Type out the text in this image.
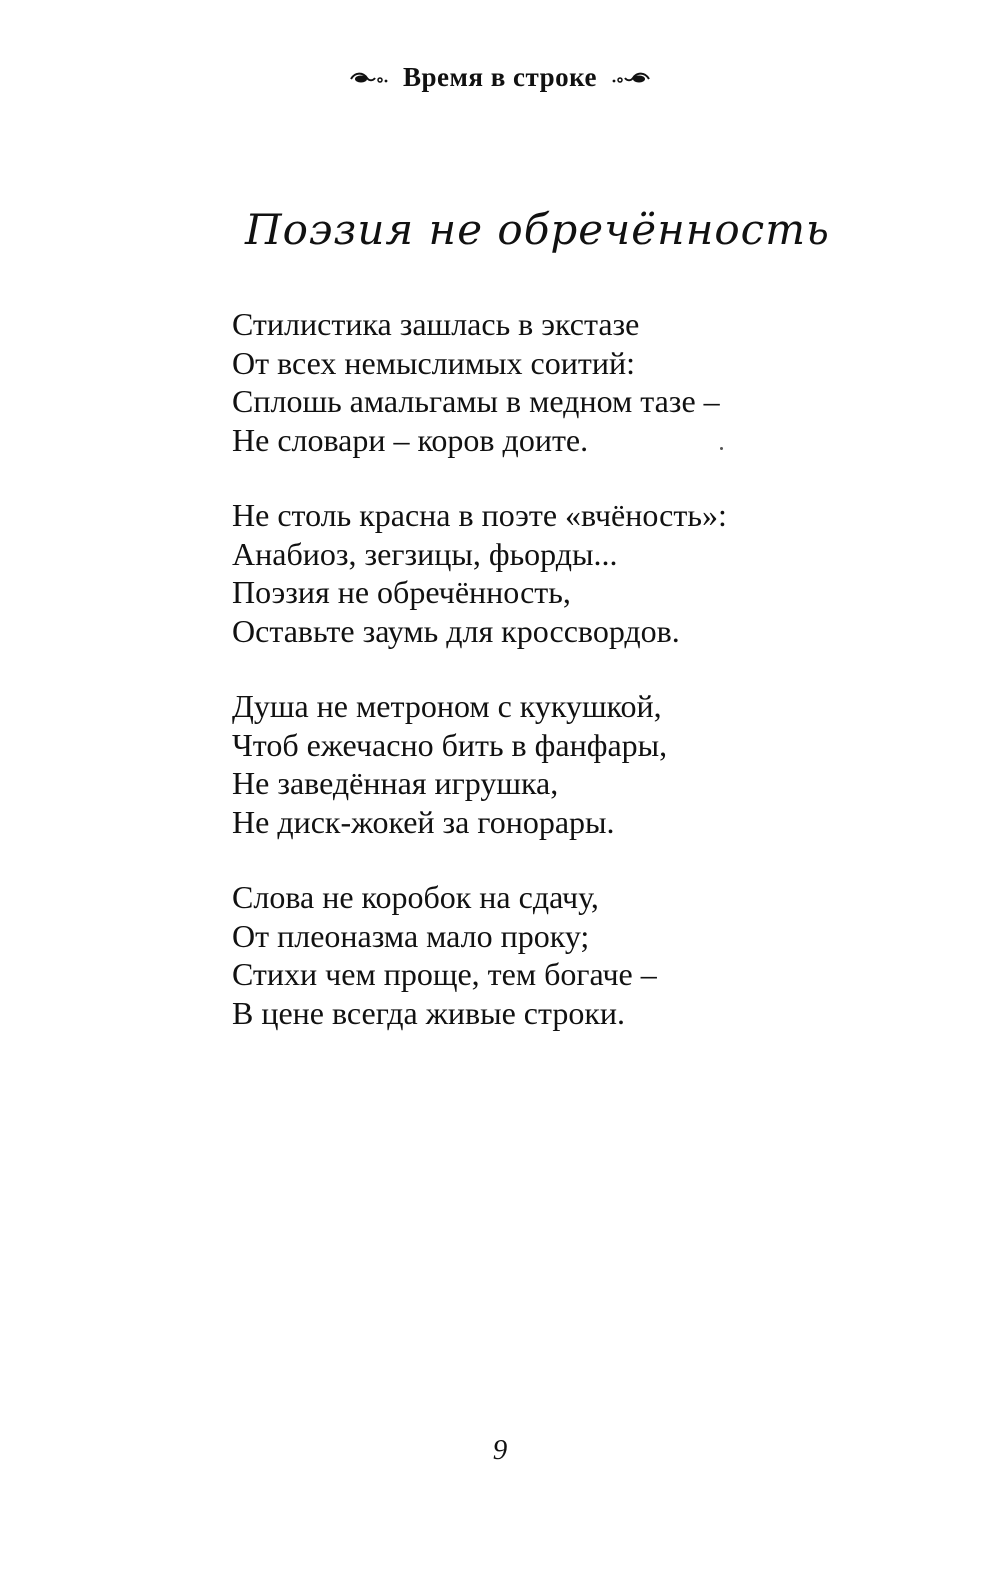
Время в строке
Поэзия не обречённость
Стилистика зашлась в экстазе
От всех немыслимых соитий:
Сплошь амальгамы в медном тазе –
Не словари – коров доите.
Не столь красна в поэте «вчёность»:
Анабиоз, зегзицы, фьорды...
Поэзия не обречённость,
Оставьте заумь для кроссвордов.
Душа не метроном с кукушкой,
Чтоб ежечасно бить в фанфары,
Не заведённая игрушка,
Не диск-жокей за гонорары.
Слова не коробок на сдачу,
От плеоназма мало проку;
Стихи чем проще, тем богаче –
В цене всегда живые строки.
9
